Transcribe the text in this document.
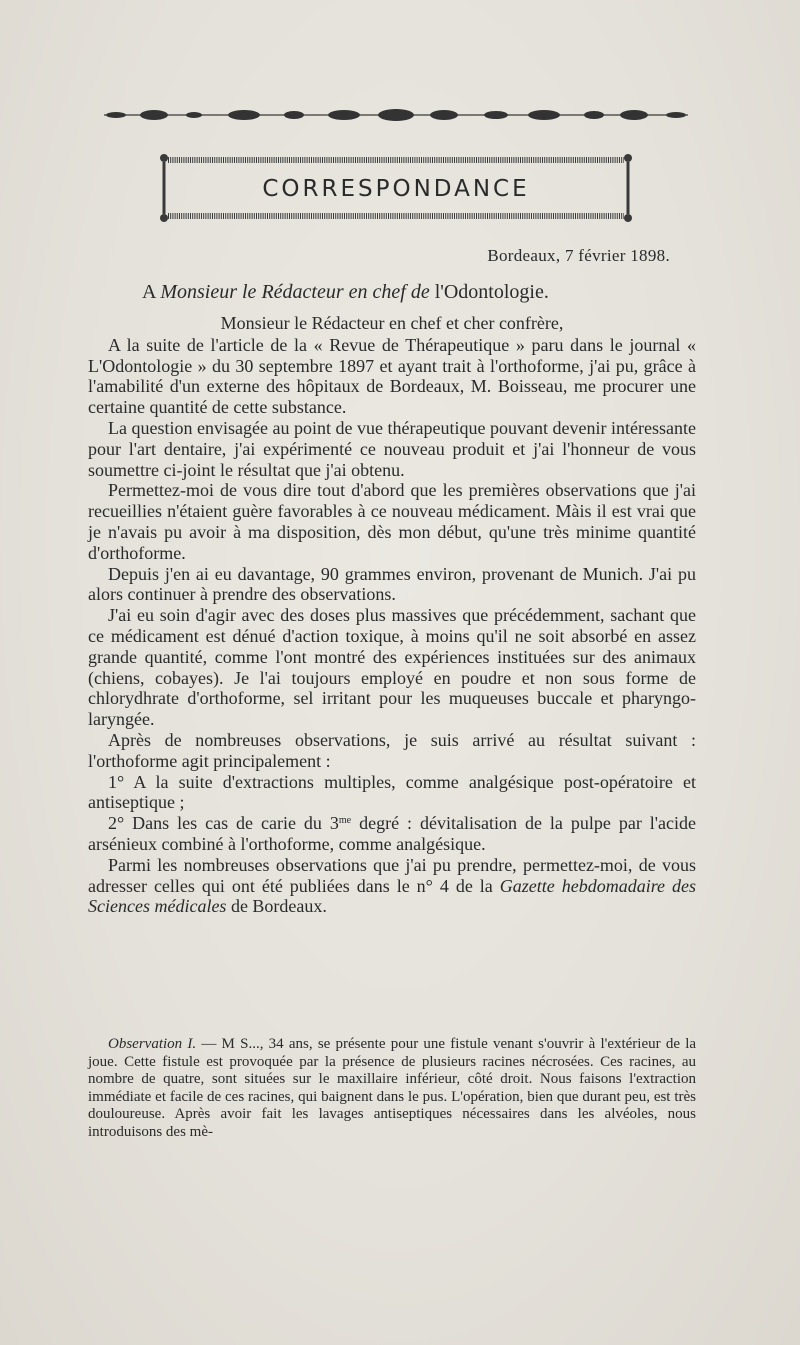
CORRESPONDANCE
Bordeaux, 7 février 1898.
A Monsieur le Rédacteur en chef de l'Odontologie.

Monsieur le Rédacteur en chef et cher confrère,

A la suite de l'article de la « Revue de Thérapeutique » paru dans le journal « L'Odontologie » du 30 septembre 1897 et ayant trait à l'orthoforme, j'ai pu, grâce à l'amabilité d'un externe des hôpitaux de Bordeaux, M. Boisseau, me procurer une certaine quantité de cette substance.

La question envisagée au point de vue thérapeutique pouvant devenir intéressante pour l'art dentaire, j'ai expérimenté ce nouveau produit et j'ai l'honneur de vous soumettre ci-joint le résultat que j'ai obtenu.

Permettez-moi de vous dire tout d'abord que les premières observations que j'ai recueillies n'étaient guère favorables à ce nouveau médicament. Màis il est vrai que je n'avais pu avoir à ma disposition, dès mon début, qu'une très minime quantité d'orthoforme.

Depuis j'en ai eu davantage, 90 grammes environ, provenant de Munich. J'ai pu alors continuer à prendre des observations.

J'ai eu soin d'agir avec des doses plus massives que précédemment, sachant que ce médicament est dénué d'action toxique, à moins qu'il ne soit absorbé en assez grande quantité, comme l'ont montré des expériences instituées sur des animaux (chiens, cobayes). Je l'ai toujours employé en poudre et non sous forme de chlorydhrate d'orthoforme, sel irritant pour les muqueuses buccale et pharyngo-laryngée.

Après de nombreuses observations, je suis arrivé au résultat suivant : l'orthoforme agit principalement :

1° A la suite d'extractions multiples, comme analgésique post-opératoire et antiseptique ;

2° Dans les cas de carie du $3^{me}$ degré : dévitalisation de la pulpe par l'acide arsénieux combiné à l'orthoforme, comme analgésique.

Parmi les nombreuses observations que j'ai pu prendre, permettez-moi, de vous adresser celles qui ont été publiées dans le n° 4 de la Gazette hebdomadaire des Sciences médicales de Bordeaux.

Observation I. — M S..., 34 ans, se présente pour une fistule venant s'ouvrir à l'extérieur de la joue. Cette fistule est provoquée par la présence de plusieurs racines nécrosées. Ces racines, au nombre de quatre, sont situées sur le maxillaire inférieur, côté droit. Nous faisons l'extraction immédiate et facile de ces racines, qui baignent dans le pus. L'opération, bien que durant peu, est très douloureuse. Après avoir fait les lavages antiseptiques nécessaires dans les alvéoles, nous introduisons des mè-
